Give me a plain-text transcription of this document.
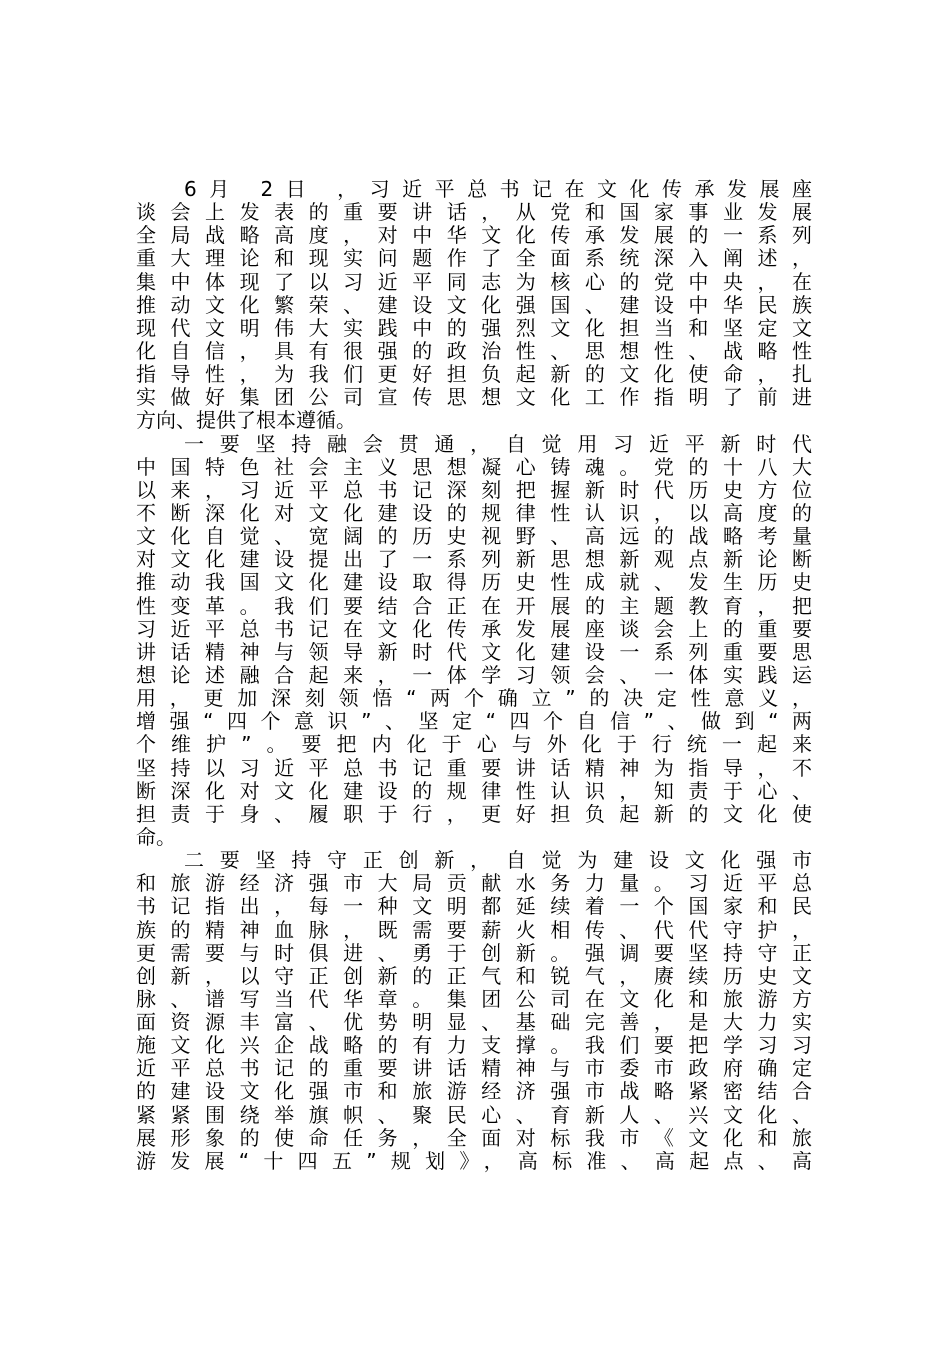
6月 2日 ，习近平总书记在文化传承发展座
谈会上发表的重要讲话，从党和国家事业发展
全局战略高度，对中华文化传承发展的一系列
重大理论和现实问题作了全面系统深入阐述，
集中体现了以习近平同志为核心的党中央，在
推动文化繁荣、建设文化强国、建设中华民族
现代文明伟大实践中的强烈文化担当和坚定文
化自信，具有很强的政治性、思想性、战略性
指导性，为我们更好担负起新的文化使命，扎
实做好集团公司宣传思想文化工作指明了前进
方向、提供了根本遵循。
一要坚持融会贯通，自觉用习近平新时代
中国特色社会主义思想凝心铸魂。党的十八大
以来，习近平总书记深刻把握新时代历史方位
不断深化对文化建设的规律性认识，以高度的
文化自觉、宽阔的历史视野、高远的战略考量
对文化建设提出了一系列新思想新观点新论断
推动我国文化建设取得历史性成就、发生历史
性变革。我们要结合正在开展的主题教育，把
习近平总书记在文化传承发展座谈会上的重要
讲话精神与领导新时代文化建设一系列重要思
想论述融合起来，一体学习领会、一体实践运
用，更加深刻领悟“两个确立”的决定性意义，
增强“四个意识”、坚定“四个自信”、做到“两
个维护”。要把内化于心与外化于行统一起来
坚持以习近平总书记重要讲话精神为指导，不
断深化对文化建设的规律性认识，知责于心、
担责于身、履职于行，更好担负起新的文化使
命。
二要坚持守正创新，自觉为建设文化强市
和旅游经济强市大局贡献水务力量。习近平总
书记指出，每一种文明都延续着一个国家和民
族的精神血脉，既需要薪火相传、代代守护，
更需要与时俱进、勇于创新。强调要坚持守正
创新，以守正创新的正气和锐气，赓续历史文
脉、谱写当代华章。集团公司在文化和旅游方
面资源丰富、优势明显、基础完善，是大力实
施文化兴企战略的有力支撑。我们要把学习习
近平总书记的重要讲话精神与市委市政府确定
的建设文化强市和旅游经济强市战略紧密结合
紧紧围绕举旗帜、聚民心、育新人、兴文化、
展形象的使命任务，全面对标我市《文化和旅
游发展“十四五”规划》，高标准、高起点、高
